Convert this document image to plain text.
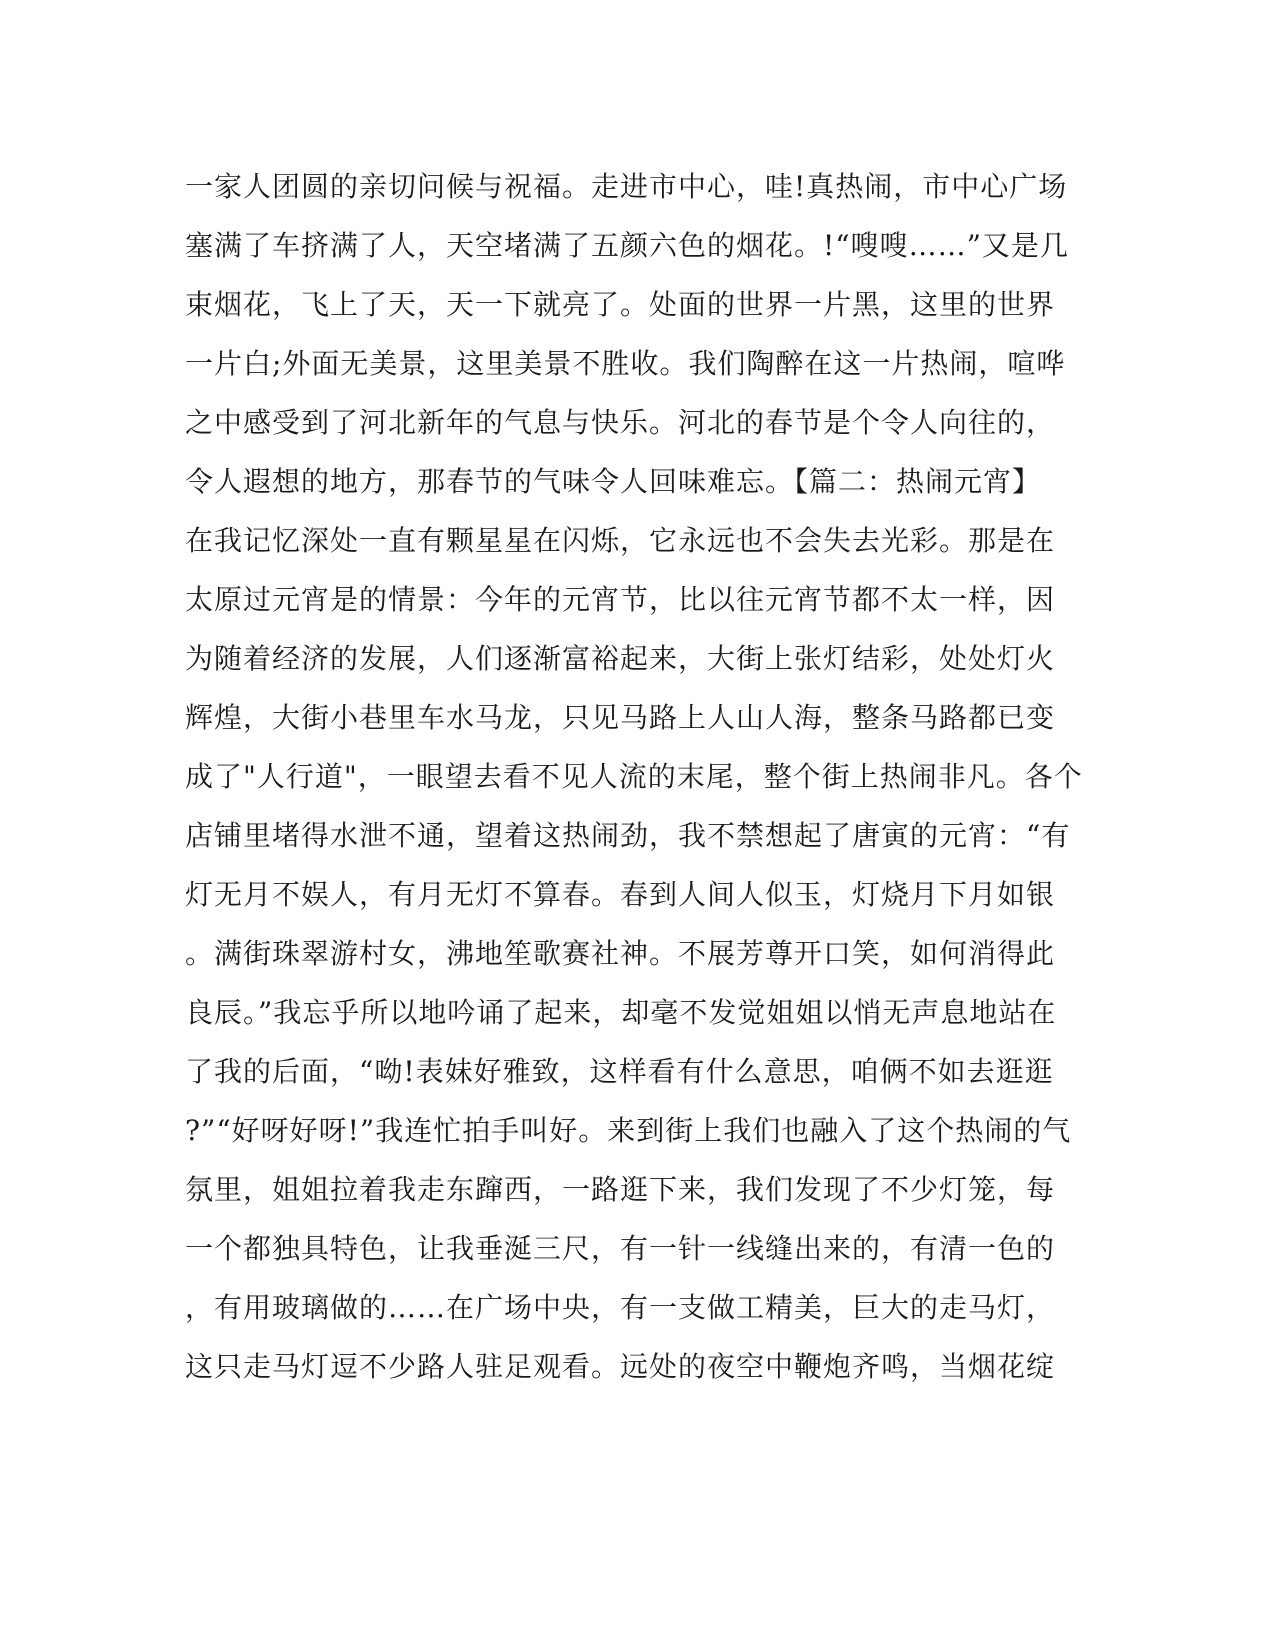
一家人团圆的亲切问候与祝福。走进市中心，哇!真热闹，市中心广场
塞满了车挤满了人，天空堵满了五颜六色的烟花。!“嗖嗖……”又是几
束烟花，飞上了天，天一下就亮了。处面的世界一片黑，这里的世界
一片白;外面无美景，这里美景不胜收。我们陶醉在这一片热闹，喧哗
之中感受到了河北新年的气息与快乐。河北的春节是个令人向往的，
令人遐想的地方，那春节的气味令人回味难忘。【篇二：热闹元宵】
在我记忆深处一直有颗星星在闪烁，它永远也不会失去光彩。那是在
太原过元宵是的情景：今年的元宵节，比以往元宵节都不太一样，因
为随着经济的发展，人们逐渐富裕起来，大街上张灯结彩，处处灯火
辉煌，大街小巷里车水马龙，只见马路上人山人海，整条马路都已变
成了"人行道"，一眼望去看不见人流的末尾，整个街上热闹非凡。各个
店铺里堵得水泄不通，望着这热闹劲，我不禁想起了唐寅的元宵：“有
灯无月不娱人，有月无灯不算春。春到人间人似玉，灯烧月下月如银
。满街珠翠游村女，沸地笙歌赛社神。不展芳尊开口笑，如何消得此
良辰。”我忘乎所以地吟诵了起来，却毫不发觉姐姐以悄无声息地站在
了我的后面，“呦!表妹好雅致，这样看有什么意思，咱俩不如去逛逛
?”“好呀好呀!”我连忙拍手叫好。来到街上我们也融入了这个热闹的气
氛里，姐姐拉着我走东蹿西，一路逛下来，我们发现了不少灯笼，每
一个都独具特色，让我垂涎三尺，有一针一线缝出来的，有清一色的
，有用玻璃做的……在广场中央，有一支做工精美，巨大的走马灯，
这只走马灯逗不少路人驻足观看。远处的夜空中鞭炮齐鸣，当烟花绽
